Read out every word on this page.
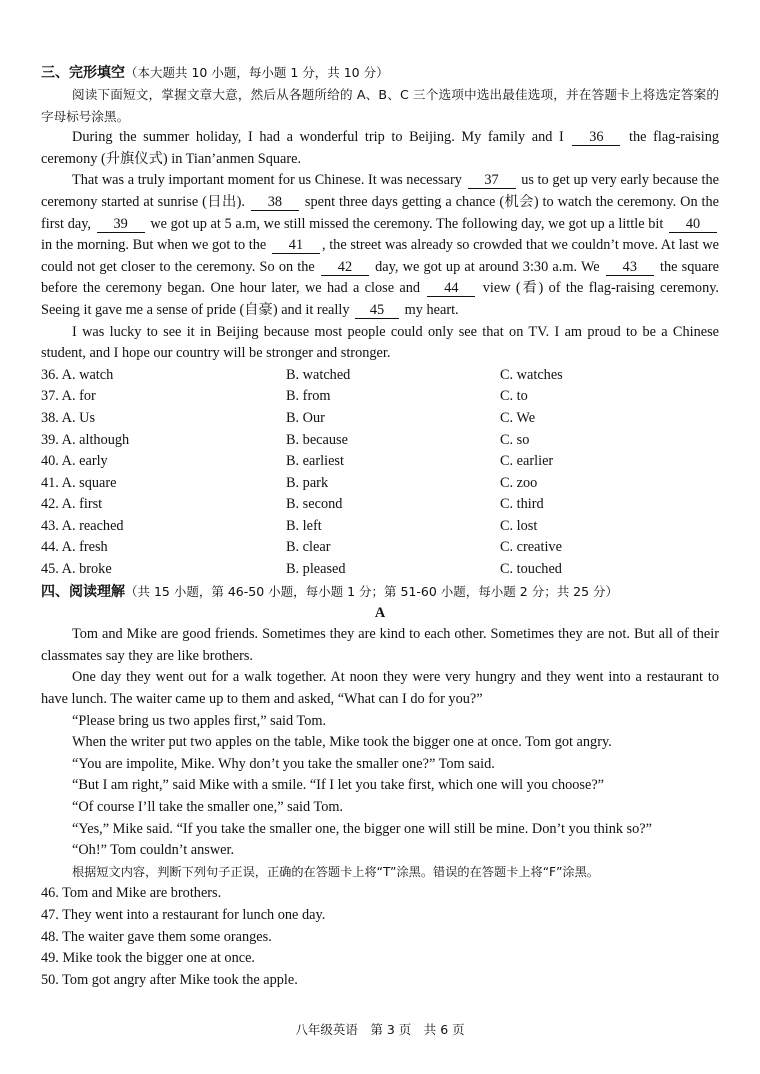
三、完形填空（本大题共 10 小题，每小题 1 分，共 10 分）
阅读下面短文，掌握文章大意，然后从各题所给的 A、B、C 三个选项中选出最佳选项，并在答题卡上将选定答案的字母标号涂黑。
During the summer holiday, I had a wonderful trip to Beijing. My family and I 36 the flag-raising ceremony (升旗仪式) in Tian’anmen Square.
That was a truly important moment for us Chinese. It was necessary 37 us to get up very early because the ceremony started at sunrise (日出). 38 spent three days getting a chance (机会) to watch the ceremony. On the first day, 39 we got up at 5 a.m, we still missed the ceremony. The following day, we got up a little bit 40 in the morning. But when we got to the 41 , the street was already so crowded that we couldn’t move. At last we could not get closer to the ceremony. So on the 42 day, we got up at around 3:30 a.m. We 43 the square before the ceremony began. One hour later, we had a close and 44 view (看) of the flag-raising ceremony. Seeing it gave me a sense of pride (自豪) and it really 45 my heart.
I was lucky to see it in Beijing because most people could only see that on TV. I am proud to be a Chinese student, and I hope our country will be stronger and stronger.
36. A. watch	B. watched	C. watches
37. A. for	B. from	C. to
38. A. Us	B. Our	C. We
39. A. although	B. because	C. so
40. A. early	B. earliest	C. earlier
41. A. square	B. park	C. zoo
42. A. first	B. second	C. third
43. A. reached	B. left	C. lost
44. A. fresh	B. clear	C. creative
45. A. broke	B. pleased	C. touched
四、阅读理解（共 15 小题，第 46-50 小题，每小题 1 分；第 51-60 小题，每小题 2 分；共 25 分）
A
Tom and Mike are good friends. Sometimes they are kind to each other. Sometimes they are not. But all of their classmates say they are like brothers.
One day they went out for a walk together. At noon they were very hungry and they went into a restaurant to have lunch. The waiter came up to them and asked, “What can I do for you?”
“Please bring us two apples first,” said Tom.
When the writer put two apples on the table, Mike took the bigger one at once. Tom got angry.
“You are impolite, Mike. Why don’t you take the smaller one?” Tom said.
“But I am right,” said Mike with a smile. “If I let you take first, which one will you choose?”
“Of course I’ll take the smaller one,” said Tom.
“Yes,” Mike said. “If you take the smaller one, the bigger one will still be mine. Don’t you think so?”
“Oh!” Tom couldn’t answer.
根据短文内容，判断下列句子正误，正确的在答题卡上将“T”涂黑。错误的在答题卡上将“F”涂黑。
46. Tom and Mike are brothers.
47. They went into a restaurant for lunch one day.
48. The waiter gave them some oranges.
49. Mike took the bigger one at once.
50. Tom got angry after Mike took the apple.
八年级英语　第 3 页　共 6 页
